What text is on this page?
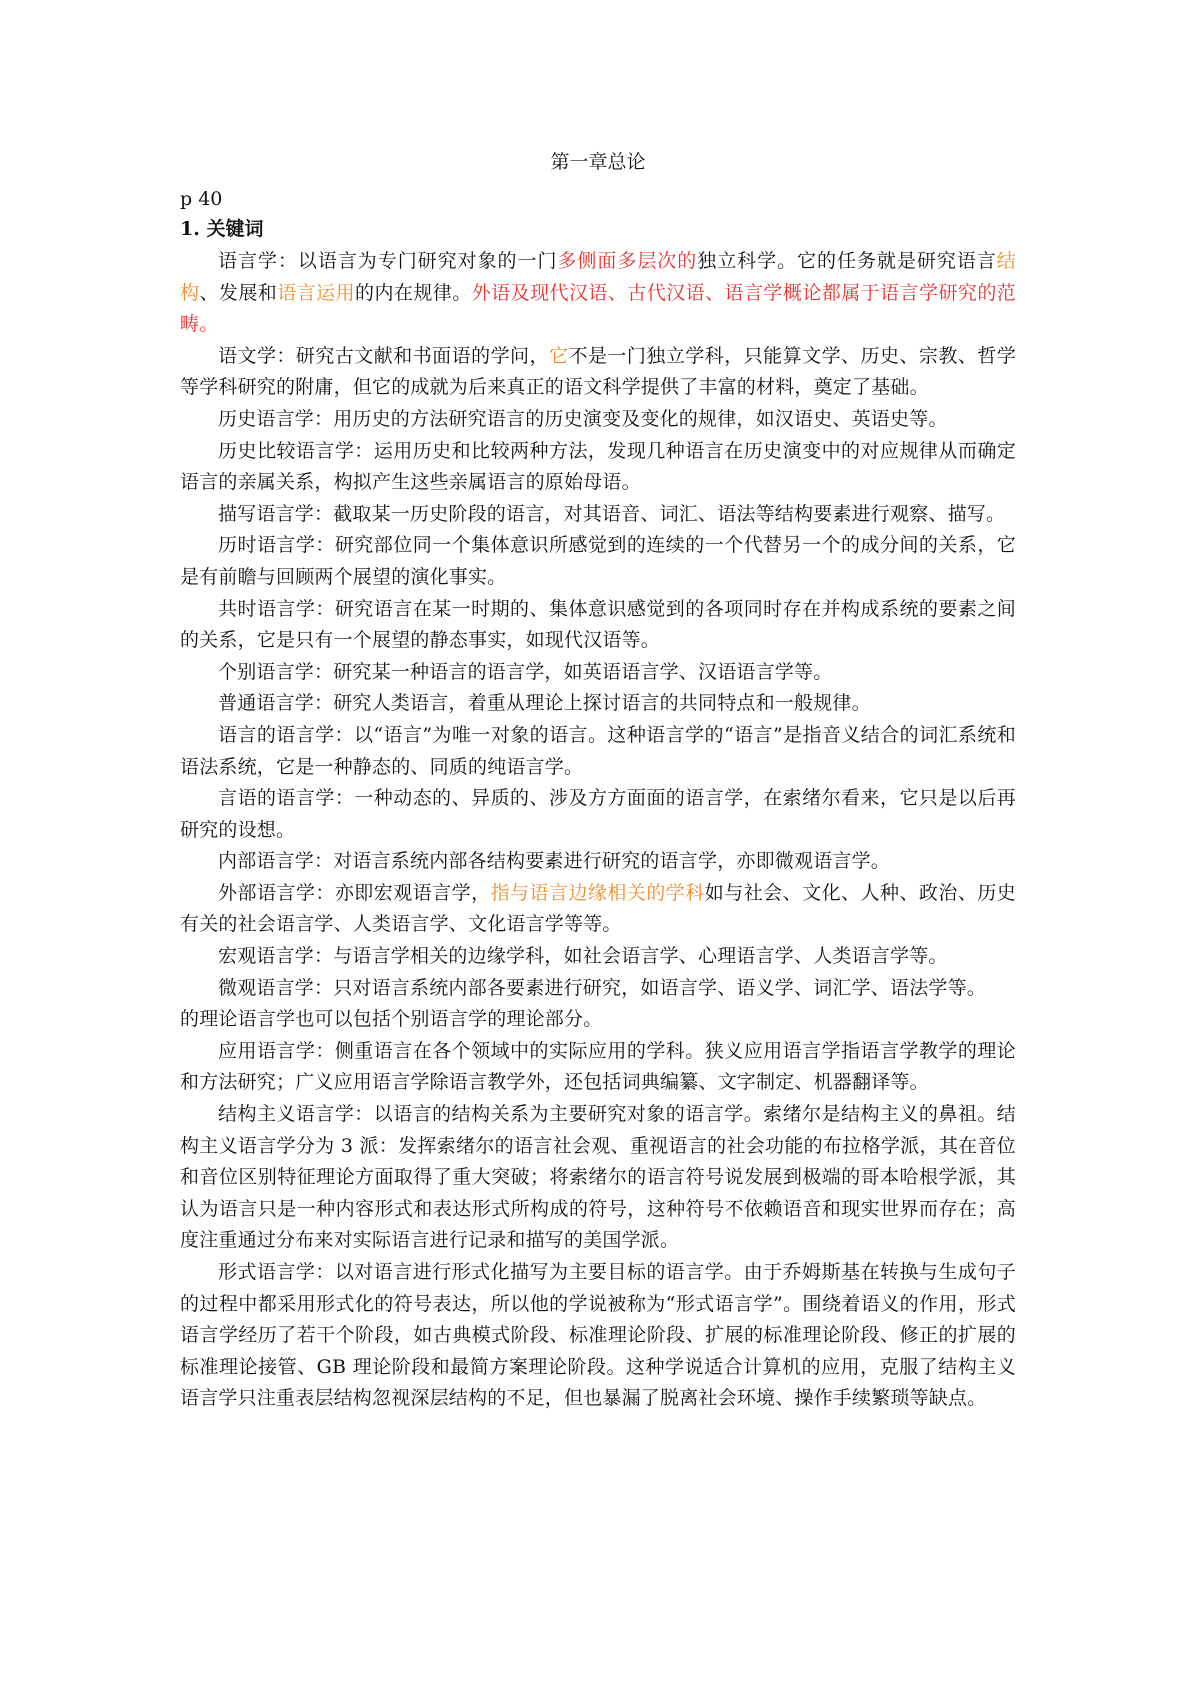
第一章总论
p 40
1. 关键词

语言学：以语言为专门研究对象的一门多侧面多层次的独立科学。它的任务就是研究语言结构、发展和语言运用的内在规律。外语及现代汉语、古代汉语、语言学概论都属于语言学研究的范畴。

语文学：研究古文献和书面语的学问，它不是一门独立学科，只能算文学、历史、宗教、哲学等学科研究的附庸，但它的成就为后来真正的语文科学提供了丰富的材料，奠定了基础。

历史语言学：用历史的方法研究语言的历史演变及变化的规律，如汉语史、英语史等。

历史比较语言学：运用历史和比较两种方法，发现几种语言在历史演变中的对应规律从而确定语言的亲属关系，构拟产生这些亲属语言的原始母语。

描写语言学：截取某一历史阶段的语言，对其语音、词汇、语法等结构要素进行观察、描写。

历时语言学：研究部位同一个集体意识所感觉到的连续的一个代替另一个的成分间的关系，它是有前瞻与回顾两个展望的演化事实。

共时语言学：研究语言在某一时期的、集体意识感觉到的各项同时存在并构成系统的要素之间的关系，它是只有一个展望的静态事实，如现代汉语等。

个别语言学：研究某一种语言的语言学，如英语语言学、汉语语言学等。

普通语言学：研究人类语言，着重从理论上探讨语言的共同特点和一般规律。

语言的语言学：以“语言”为唯一对象的语言。这种语言学的“语言”是指音义结合的词汇系统和语法系统，它是一种静态的、同质的纯语言学。

言语的语言学：一种动态的、异质的、涉及方方面面的语言学，在索绪尔看来，它只是以后再研究的设想。

内部语言学：对语言系统内部各结构要素进行研究的语言学，亦即微观语言学。

外部语言学：亦即宏观语言学，指与语言边缘相关的学科如与社会、文化、人种、政治、历史有关的社会语言学、人类语言学、文化语言学等等。

宏观语言学：与语言学相关的边缘学科，如社会语言学、心理语言学、人类语言学等。

微观语言学：只对语言系统内部各要素进行研究，如语言学、语义学、词汇学、语法学等。

的理论语言学也可以包括个别语言学的理论部分。

应用语言学：侧重语言在各个领域中的实际应用的学科。狭义应用语言学指语言学教学的理论和方法研究；广义应用语言学除语言教学外，还包括词典编纂、文字制定、机器翻译等。

结构主义语言学：以语言的结构关系为主要研究对象的语言学。索绪尔是结构主义的鼻祖。结构主义语言学分为 3 派：发挥索绪尔的语言社会观、重视语言的社会功能的布拉格学派，其在音位和音位区别特征理论方面取得了重大突破；将索绪尔的语言符号说发展到极端的哥本哈根学派，其认为语言只是一种内容形式和表达形式所构成的符号，这种符号不依赖语音和现实世界而存在；高度注重通过分布来对实际语言进行记录和描写的美国学派。

形式语言学：以对语言进行形式化描写为主要目标的语言学。由于乔姆斯基在转换与生成句子的过程中都采用形式化的符号表达，所以他的学说被称为“形式语言学”。围绕着语义的作用，形式语言学经历了若干个阶段，如古典模式阶段、标准理论阶段、扩展的标准理论阶段、修正的扩展的标准理论接管、GB 理论阶段和最简方案理论阶段。这种学说适合计算机的应用，克服了结构主义语言学只注重表层结构忽视深层结构的不足，但也暴漏了脱离社会环境、操作手续繁琐等缺点。
